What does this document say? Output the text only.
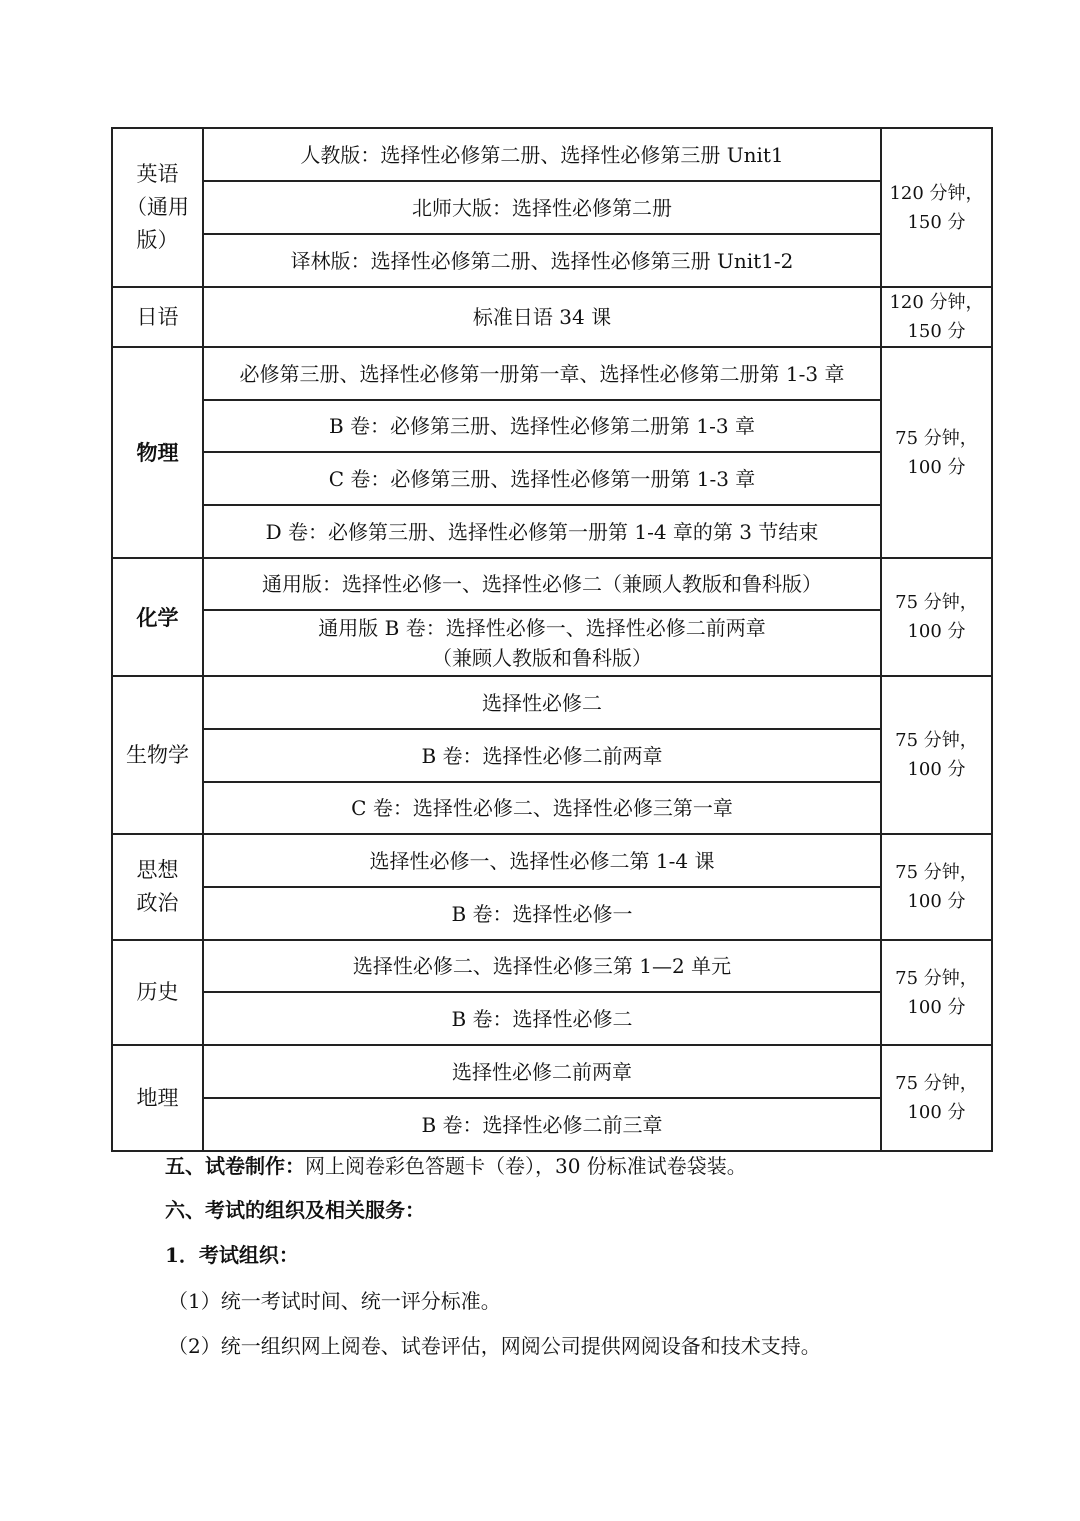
英语
（通用
版）	人教版：选择性必修第二册、选择性必修第三册 Unit1	120 分钟，
150 分

	北师大版：选择性必修第二册	
	译林版：选择性必修第二册、选择性必修第三册 Unit1-2	
日语	标准日语 34 课	120 分钟，
150 分

物理	必修第三册、选择性必修第一册第一章、选择性必修第二册第 1-3 章	75 分钟，
100 分

	B 卷：必修第三册、选择性必修第二册第 1-3 章	
	C 卷：必修第三册、选择性必修第一册第 1-3 章	
	D 卷：必修第三册、选择性必修第一册第 1-4 章的第 3 节结束	
化学	通用版：选择性必修一、选择性必修二（兼顾人教版和鲁科版）	75 分钟，
100 分

	通用版 B 卷：选择性必修一、选择性必修二前两章
（兼顾人教版和鲁科版）	

生物学	选择性必修二	75 分钟，
100 分

	B 卷：选择性必修二前两章	
	C 卷：选择性必修二、选择性必修三第一章	

思想
政治	选择性必修一、选择性必修二第 1-4 课	75 分钟，
100 分

	B 卷：选择性必修一	
历史	选择性必修二、选择性必修三第 1—2 单元	75 分钟，
100 分

	B 卷：选择性必修二	
地理	选择性必修二前两章	75 分钟，
100 分

	B 卷：选择性必修二前三章	
五、试卷制作：网上阅卷彩色答题卡（卷），30 份标准试卷袋装。
六、考试的组织及相关服务：
1．考试组织：
（1）统一考试时间、统一评分标准。
（2）统一组织网上阅卷、试卷评估，网阅公司提供网阅设备和技术支持。
